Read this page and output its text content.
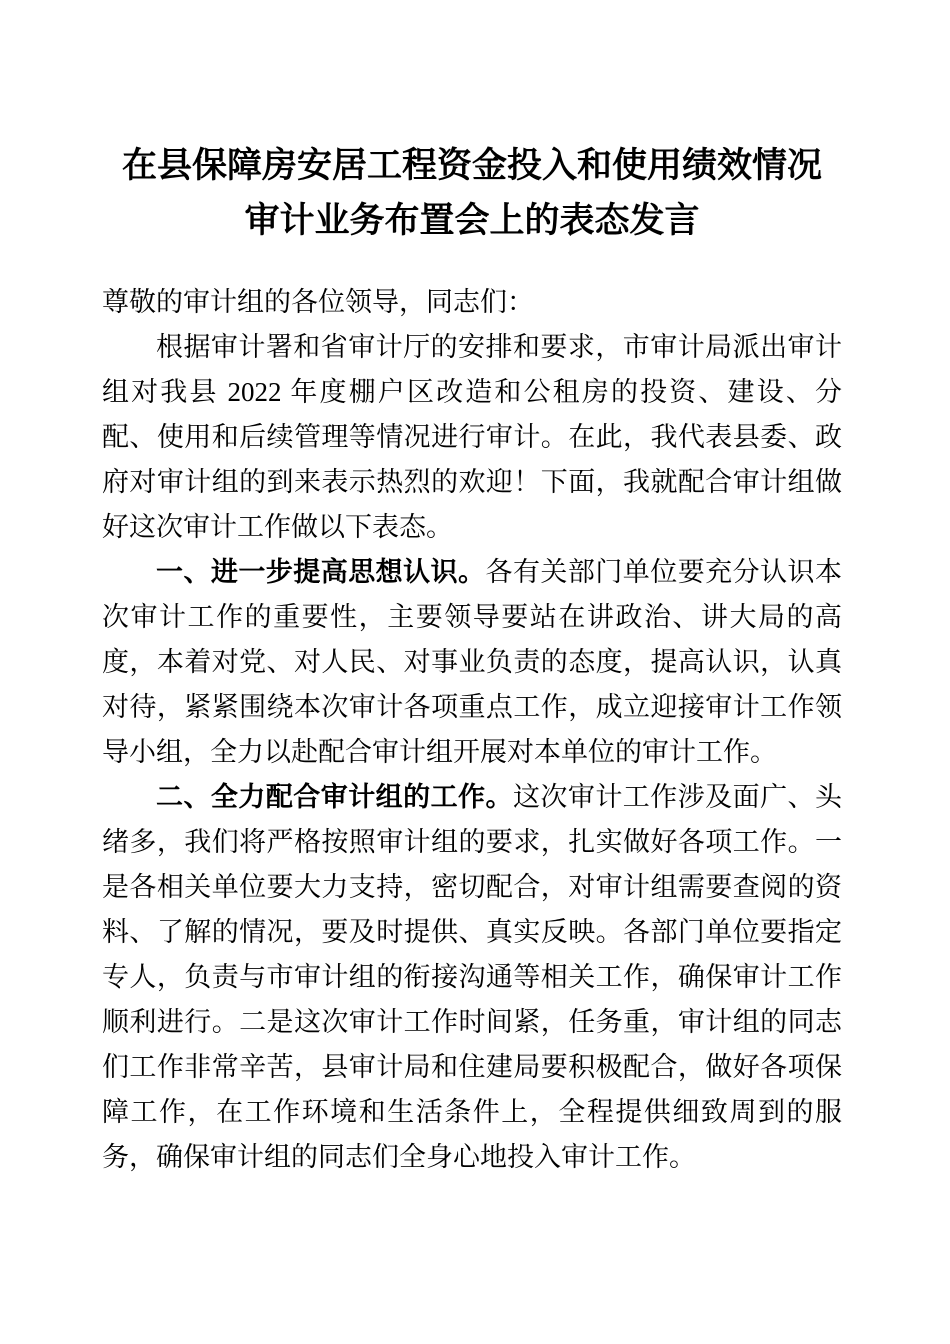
在县保障房安居工程资金投入和使用绩效情况审计业务布置会上的表态发言

尊敬的审计组的各位领导，同志们：

根据审计署和省审计厅的安排和要求，市审计局派出审计组对我县 2022 年度棚户区改造和公租房的投资、建设、分配、使用和后续管理等情况进行审计。在此，我代表县委、政府对审计组的到来表示热烈的欢迎！下面，我就配合审计组做好这次审计工作做以下表态。

一、进一步提高思想认识。各有关部门单位要充分认识本次审计工作的重要性，主要领导要站在讲政治、讲大局的高度，本着对党、对人民、对事业负责的态度，提高认识，认真对待，紧紧围绕本次审计各项重点工作，成立迎接审计工作领导小组，全力以赴配合审计组开展对本单位的审计工作。

二、全力配合审计组的工作。这次审计工作涉及面广、头绪多，我们将严格按照审计组的要求，扎实做好各项工作。一是各相关单位要大力支持，密切配合，对审计组需要查阅的资料、了解的情况，要及时提供、真实反映。各部门单位要指定专人，负责与市审计组的衔接沟通等相关工作，确保审计工作顺利进行。二是这次审计工作时间紧，任务重，审计组的同志们工作非常辛苦，县审计局和住建局要积极配合，做好各项保障工作，在工作环境和生活条件上，全程提供细致周到的服务，确保审计组的同志们全身心地投入审计工作。
